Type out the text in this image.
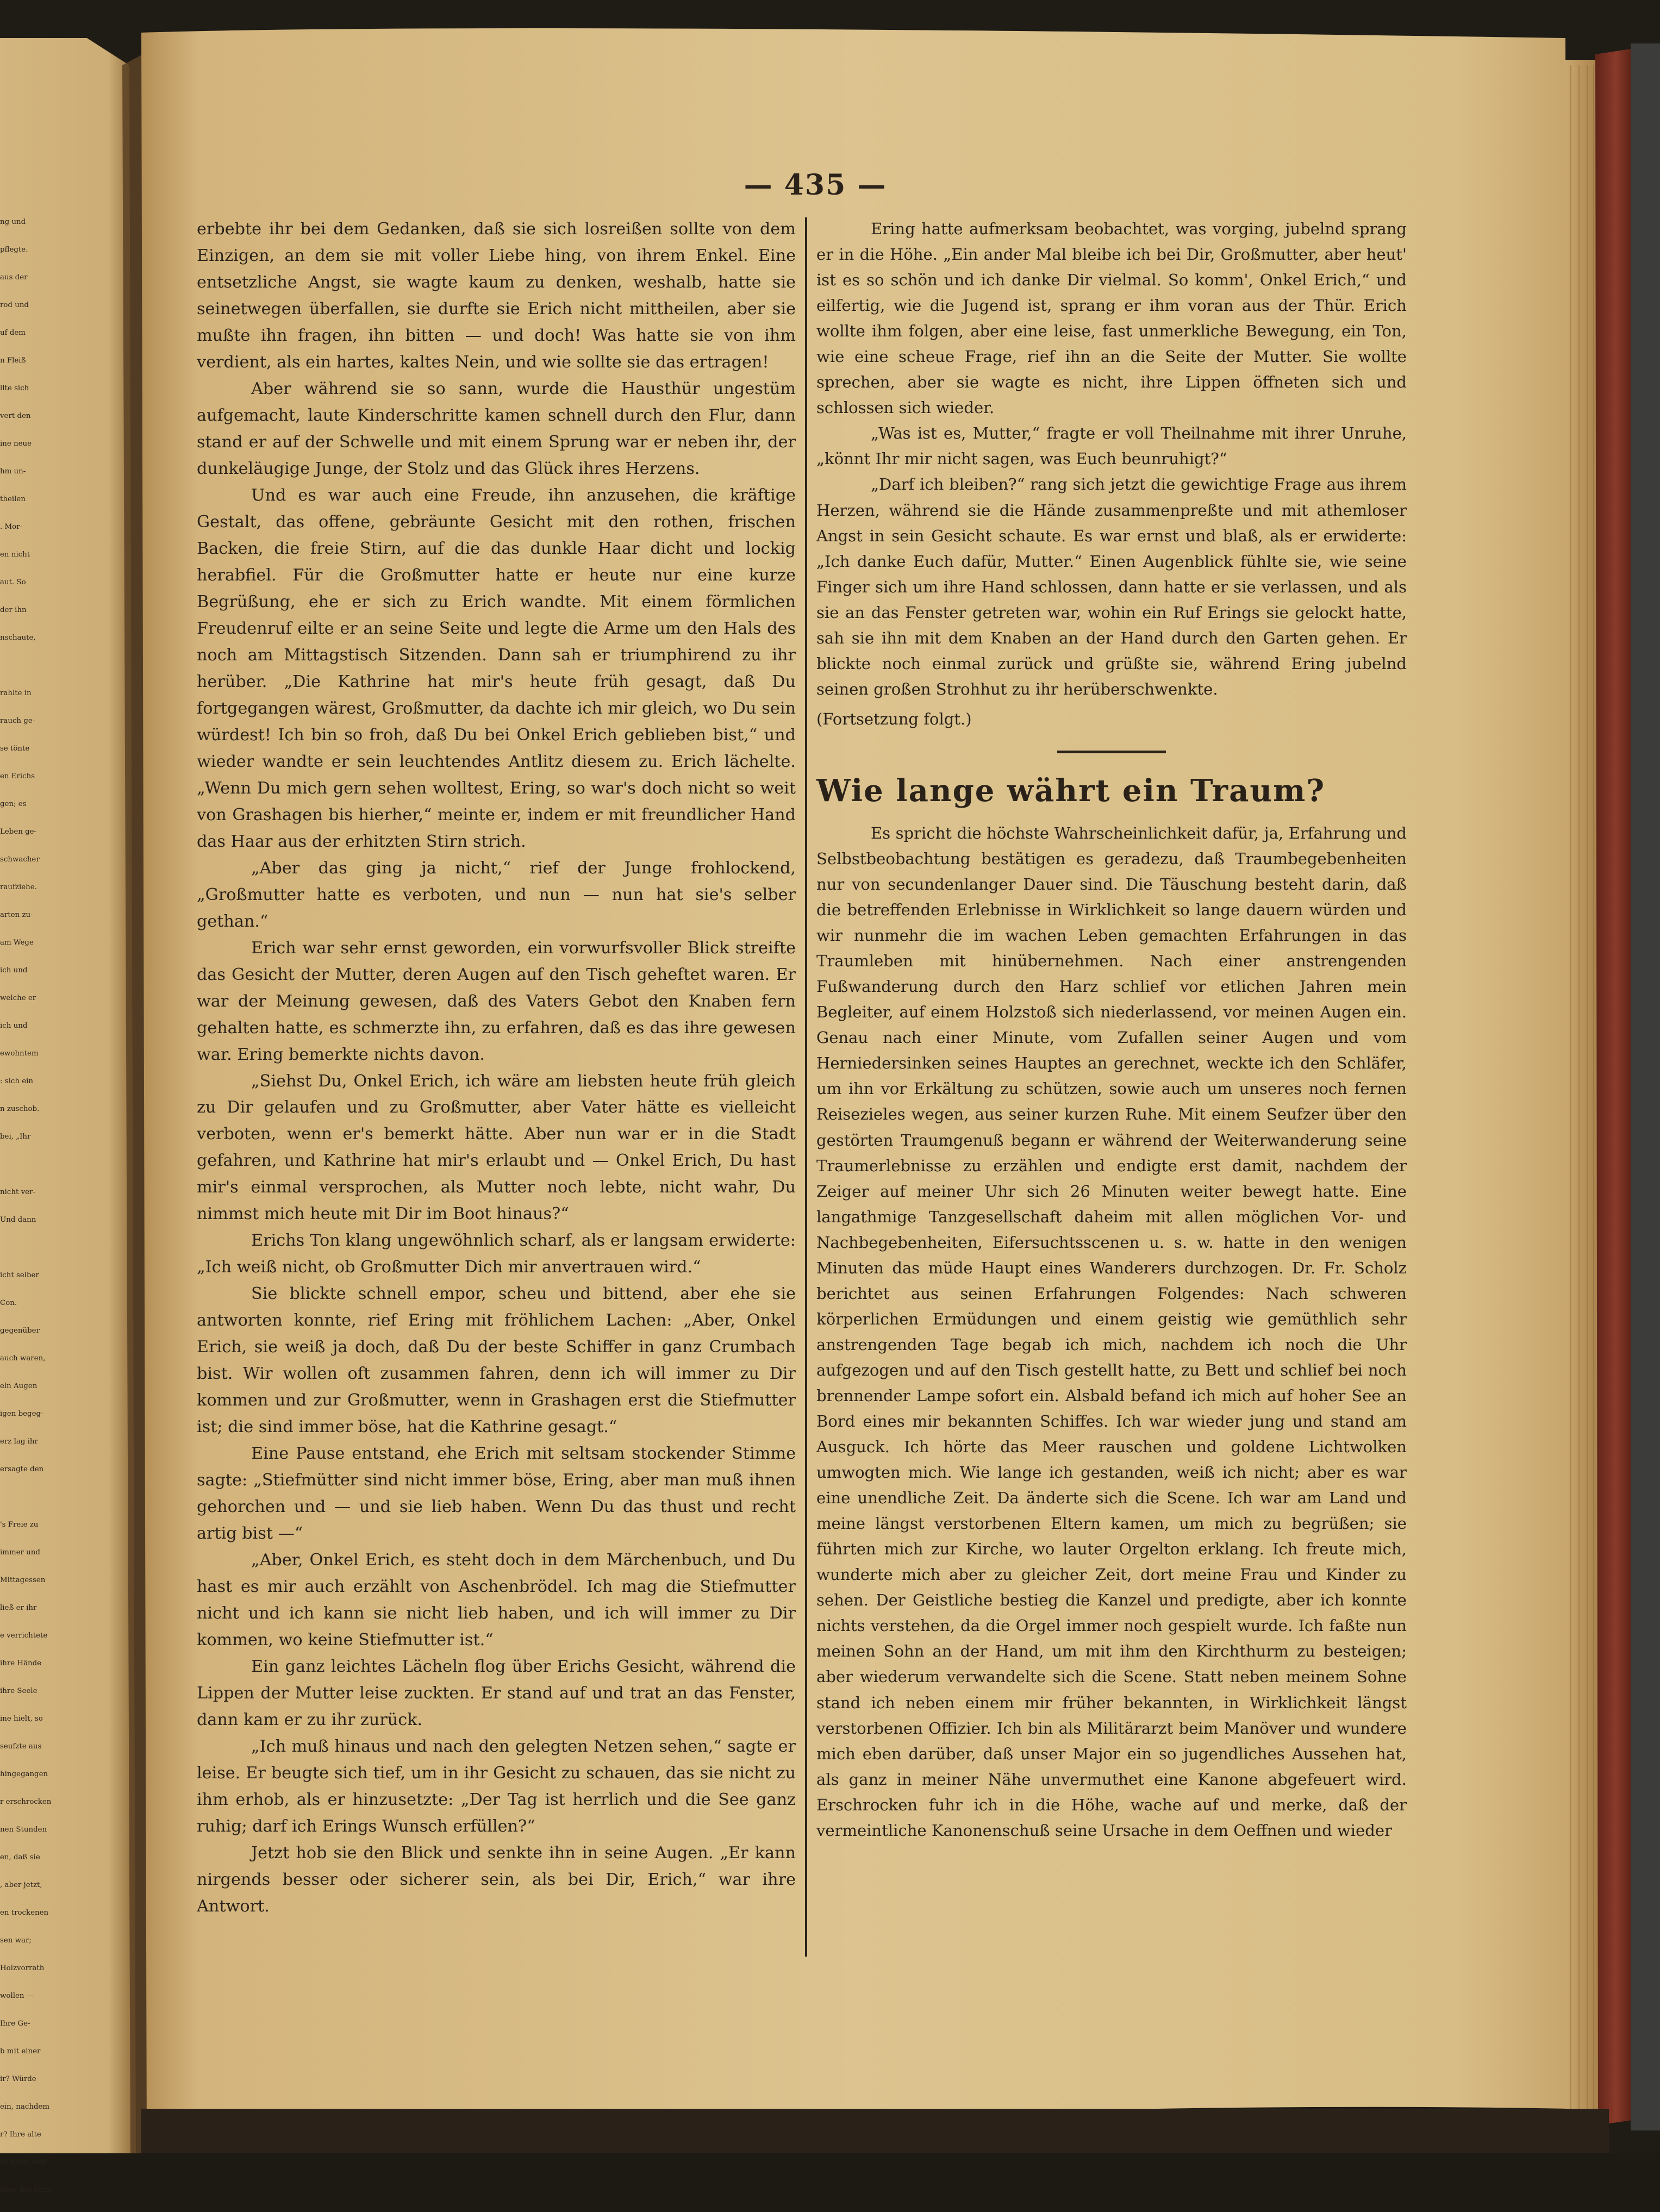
— 435 —
ng und
pflegte.
aus der
rod und
uf dem
n Fleiß
llte sich
vert den
ine neue
hm un-
theilen
. Mor-
en nicht
aut. So
der ihn
nschaute,
rahlte in
rauch ge-
se tönte
en Erichs
gen; es
Leben ge-
schwacher
raufziehe.
arten zu-
am Wege
ich und
welche er
ich und
ewohntem
: sich ein
n zuschob.
bei, „Ihr
nicht ver-
Und dann
icht selber
Con.
gegenüber
auch waren,
eln Augen
igen begeg-
erz lag ihr
ersagte den
's Freie zu
immer und
Mittagessen
ließ er ihr
e verrichtete
ihre Hände
ihre Seele
ine hielt, so
seufzte aus
hingegangen
r erschrocken
nen Stunden
en, daß sie
, aber jetzt,
en trockenen
sen war;
Holzvorrath
wollen —
Ihre Ge-
b mit einer
ir? Würde
ein, nachdem
r? Ihre alte
ar nicht weit
aber das Herz

erbebte ihr bei dem Gedanken, daß sie sich losreißen sollte von dem Einzigen, an dem sie mit voller Liebe hing, von ihrem Enkel. Eine entsetzliche Angst, sie wagte kaum zu denken, weshalb, hatte sie seinetwegen überfallen, sie durfte sie Erich nicht mittheilen, aber sie mußte ihn fragen, ihn bitten — und doch! Was hatte sie von ihm verdient, als ein hartes, kaltes Nein, und wie sollte sie das ertragen!

Aber während sie so sann, wurde die Hausthür ungestüm aufgemacht, laute Kinderschritte kamen schnell durch den Flur, dann stand er auf der Schwelle und mit einem Sprung war er neben ihr, der dunkeläugige Junge, der Stolz und das Glück ihres Herzens.

Und es war auch eine Freude, ihn anzusehen, die kräftige Gestalt, das offene, gebräunte Gesicht mit den rothen, frischen Backen, die freie Stirn, auf die das dunkle Haar dicht und lockig herabfiel. Für die Großmutter hatte er heute nur eine kurze Begrüßung, ehe er sich zu Erich wandte. Mit einem förmlichen Freudenruf eilte er an seine Seite und legte die Arme um den Hals des noch am Mittagstisch Sitzenden. Dann sah er triumphirend zu ihr herüber. „Die Kathrine hat mir's heute früh gesagt, daß Du fortgegangen wärest, Großmutter, da dachte ich mir gleich, wo Du sein würdest! Ich bin so froh, daß Du bei Onkel Erich geblieben bist,“ und wieder wandte er sein leuchtendes Antlitz diesem zu. Erich lächelte. „Wenn Du mich gern sehen wolltest, Ering, so war's doch nicht so weit von Grashagen bis hierher,“ meinte er, indem er mit freundlicher Hand das Haar aus der erhitzten Stirn strich.

„Aber das ging ja nicht,“ rief der Junge frohlockend, „Großmutter hatte es verboten, und nun — nun hat sie's selber gethan.“

Erich war sehr ernst geworden, ein vorwurfsvoller Blick streifte das Gesicht der Mutter, deren Augen auf den Tisch geheftet waren. Er war der Meinung gewesen, daß des Vaters Gebot den Knaben fern gehalten hatte, es schmerzte ihn, zu erfahren, daß es das ihre gewesen war. Ering bemerkte nichts davon.

„Siehst Du, Onkel Erich, ich wäre am liebsten heute früh gleich zu Dir gelaufen und zu Großmutter, aber Vater hätte es vielleicht verboten, wenn er's bemerkt hätte. Aber nun war er in die Stadt gefahren, und Kathrine hat mir's erlaubt und — Onkel Erich, Du hast mir's einmal versprochen, als Mutter noch lebte, nicht wahr, Du nimmst mich heute mit Dir im Boot hinaus?“

Erichs Ton klang ungewöhnlich scharf, als er langsam erwiderte: „Ich weiß nicht, ob Großmutter Dich mir anvertrauen wird.“

Sie blickte schnell empor, scheu und bittend, aber ehe sie antworten konnte, rief Ering mit fröhlichem Lachen: „Aber, Onkel Erich, sie weiß ja doch, daß Du der beste Schiffer in ganz Crumbach bist. Wir wollen oft zusammen fahren, denn ich will immer zu Dir kommen und zur Großmutter, wenn in Grashagen erst die Stiefmutter ist; die sind immer böse, hat die Kathrine gesagt.“

Eine Pause entstand, ehe Erich mit seltsam stockender Stimme sagte: „Stiefmütter sind nicht immer böse, Ering, aber man muß ihnen gehorchen und — und sie lieb haben. Wenn Du das thust und recht artig bist —“

„Aber, Onkel Erich, es steht doch in dem Märchenbuch, und Du hast es mir auch erzählt von Aschenbrödel. Ich mag die Stiefmutter nicht und ich kann sie nicht lieb haben, und ich will immer zu Dir kommen, wo keine Stiefmutter ist.“

Ein ganz leichtes Lächeln flog über Erichs Gesicht, während die Lippen der Mutter leise zuckten. Er stand auf und trat an das Fenster, dann kam er zu ihr zurück.

„Ich muß hinaus und nach den gelegten Netzen sehen,“ sagte er leise. Er beugte sich tief, um in ihr Gesicht zu schauen, das sie nicht zu ihm erhob, als er hinzusetzte: „Der Tag ist herrlich und die See ganz ruhig; darf ich Erings Wunsch erfüllen?“

Jetzt hob sie den Blick und senkte ihn in seine Augen. „Er kann nirgends besser oder sicherer sein, als bei Dir, Erich,“ war ihre Antwort.

Ering hatte aufmerksam beobachtet, was vorging, jubelnd sprang er in die Höhe. „Ein ander Mal bleibe ich bei Dir, Großmutter, aber heut' ist es so schön und ich danke Dir vielmal. So komm', Onkel Erich,“ und eilfertig, wie die Jugend ist, sprang er ihm voran aus der Thür. Erich wollte ihm folgen, aber eine leise, fast unmerkliche Bewegung, ein Ton, wie eine scheue Frage, rief ihn an die Seite der Mutter. Sie wollte sprechen, aber sie wagte es nicht, ihre Lippen öffneten sich und schlossen sich wieder.

„Was ist es, Mutter,“ fragte er voll Theilnahme mit ihrer Unruhe, „könnt Ihr mir nicht sagen, was Euch beunruhigt?“

„Darf ich bleiben?“ rang sich jetzt die gewichtige Frage aus ihrem Herzen, während sie die Hände zusammenpreßte und mit athemloser Angst in sein Gesicht schaute. Es war ernst und blaß, als er erwiderte: „Ich danke Euch dafür, Mutter.“ Einen Augenblick fühlte sie, wie seine Finger sich um ihre Hand schlossen, dann hatte er sie verlassen, und als sie an das Fenster getreten war, wohin ein Ruf Erings sie gelockt hatte, sah sie ihn mit dem Knaben an der Hand durch den Garten gehen. Er blickte noch einmal zurück und grüßte sie, während Ering jubelnd seinen großen Strohhut zu ihr herüberschwenkte.

(Fortsetzung folgt.)

Wie lange währt ein Traum?

Es spricht die höchste Wahrscheinlichkeit dafür, ja, Erfahrung und Selbstbeobachtung bestätigen es geradezu, daß Traumbegebenheiten nur von secundenlanger Dauer sind. Die Täuschung besteht darin, daß die betreffenden Erlebnisse in Wirklichkeit so lange dauern würden und wir nunmehr die im wachen Leben gemachten Erfahrungen in das Traumleben mit hinübernehmen. Nach einer anstrengenden Fußwanderung durch den Harz schlief vor etlichen Jahren mein Begleiter, auf einem Holzstoß sich niederlassend, vor meinen Augen ein. Genau nach einer Minute, vom Zufallen seiner Augen und vom Herniedersinken seines Hauptes an gerechnet, weckte ich den Schläfer, um ihn vor Erkältung zu schützen, sowie auch um unseres noch fernen Reisezieles wegen, aus seiner kurzen Ruhe. Mit einem Seufzer über den gestörten Traumgenuß begann er während der Weiterwanderung seine Traumerlebnisse zu erzählen und endigte erst damit, nachdem der Zeiger auf meiner Uhr sich 26 Minuten weiter bewegt hatte. Eine langathmige Tanzgesellschaft daheim mit allen möglichen Vor- und Nachbegebenheiten, Eifersuchtsscenen u. s. w. hatte in den wenigen Minuten das müde Haupt eines Wanderers durchzogen. Dr. Fr. Scholz berichtet aus seinen Erfahrungen Folgendes: Nach schweren körperlichen Ermüdungen und einem geistig wie gemüthlich sehr anstrengenden Tage begab ich mich, nachdem ich noch die Uhr aufgezogen und auf den Tisch gestellt hatte, zu Bett und schlief bei noch brennender Lampe sofort ein. Alsbald befand ich mich auf hoher See an Bord eines mir bekannten Schiffes. Ich war wieder jung und stand am Ausguck. Ich hörte das Meer rauschen und goldene Lichtwolken umwogten mich. Wie lange ich gestanden, weiß ich nicht; aber es war eine unendliche Zeit. Da änderte sich die Scene. Ich war am Land und meine längst verstorbenen Eltern kamen, um mich zu begrüßen; sie führten mich zur Kirche, wo lauter Orgelton erklang. Ich freute mich, wunderte mich aber zu gleicher Zeit, dort meine Frau und Kinder zu sehen. Der Geistliche bestieg die Kanzel und predigte, aber ich konnte nichts verstehen, da die Orgel immer noch gespielt wurde. Ich faßte nun meinen Sohn an der Hand, um mit ihm den Kirchthurm zu besteigen; aber wiederum verwandelte sich die Scene. Statt neben meinem Sohne stand ich neben einem mir früher bekannten, in Wirklichkeit längst verstorbenen Offizier. Ich bin als Militärarzt beim Manöver und wundere mich eben darüber, daß unser Major ein so jugendliches Aussehen hat, als ganz in meiner Nähe unvermuthet eine Kanone abgefeuert wird. Erschrocken fuhr ich in die Höhe, wache auf und merke, daß der vermeintliche Kanonenschuß seine Ursache in dem Oeffnen und wieder
